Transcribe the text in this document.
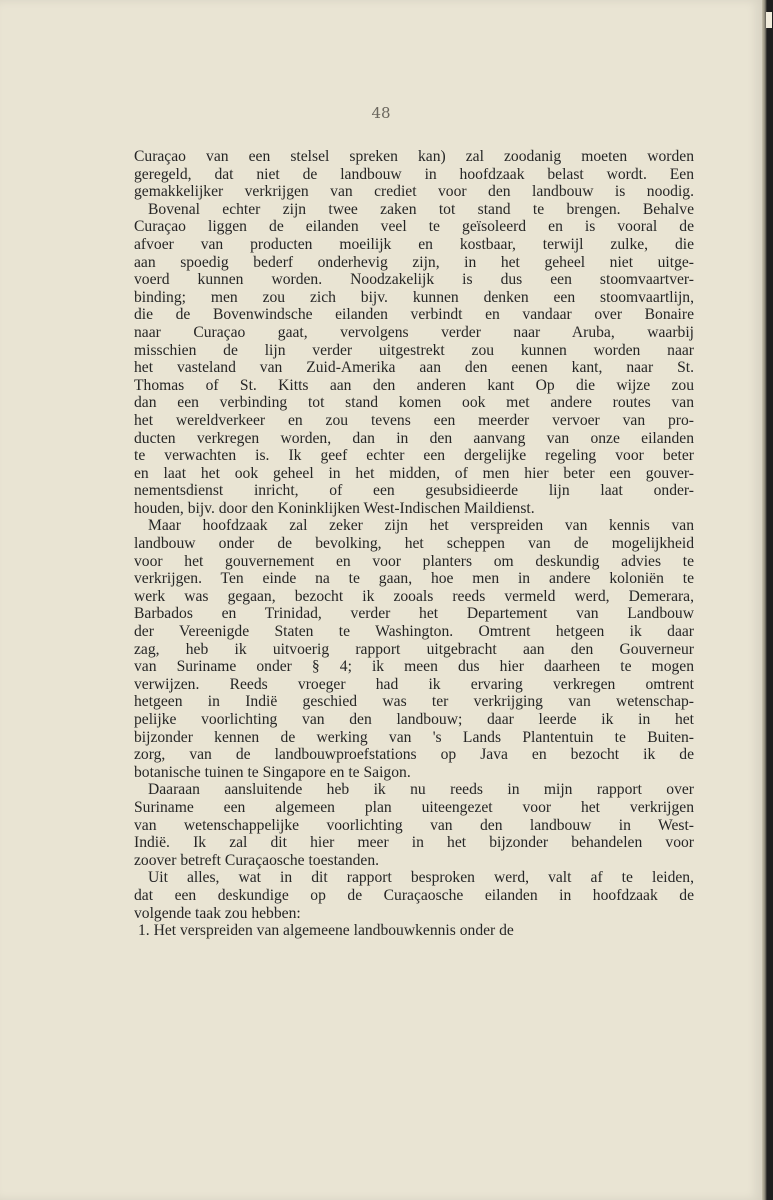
48
Curaçao van een stelsel spreken kan) zal zoodanig moeten worden
geregeld, dat niet de landbouw in hoofdzaak belast wordt. Een
gemakkelijker verkrijgen van crediet voor den landbouw is noodig.
Bovenal echter zijn twee zaken tot stand te brengen. Behalve
Curaçao liggen de eilanden veel te geïsoleerd en is vooral de
afvoer van producten moeilijk en kostbaar, terwijl zulke, die
aan spoedig bederf onderhevig zijn, in het geheel niet uitge-
voerd kunnen worden. Noodzakelijk is dus een stoomvaartver-
binding; men zou zich bijv. kunnen denken een stoomvaartlijn,
die de Bovenwindsche eilanden verbindt en vandaar over Bonaire
naar Curaçao gaat, vervolgens verder naar Aruba, waarbij
misschien de lijn verder uitgestrekt zou kunnen worden naar
het vasteland van Zuid-Amerika aan den eenen kant, naar St.
Thomas of St. Kitts aan den anderen kant Op die wijze zou
dan een verbinding tot stand komen ook met andere routes van
het wereldverkeer en zou tevens een meerder vervoer van pro-
ducten verkregen worden, dan in den aanvang van onze eilanden
te verwachten is. Ik geef echter een dergelijke regeling voor beter
en laat het ook geheel in het midden, of men hier beter een gouver-
nementsdienst inricht, of een gesubsidieerde lijn laat onder-
houden, bijv. door den Koninklijken West-Indischen Maildienst.
Maar hoofdzaak zal zeker zijn het verspreiden van kennis van
landbouw onder de bevolking, het scheppen van de mogelijkheid
voor het gouvernement en voor planters om deskundig advies te
verkrijgen. Ten einde na te gaan, hoe men in andere koloniën te
werk was gegaan, bezocht ik zooals reeds vermeld werd, Demerara,
Barbados en Trinidad, verder het Departement van Landbouw
der Vereenigde Staten te Washington. Omtrent hetgeen ik daar
zag, heb ik uitvoerig rapport uitgebracht aan den Gouverneur
van Suriname onder § 4; ik meen dus hier daarheen te mogen
verwijzen. Reeds vroeger had ik ervaring verkregen omtrent
hetgeen in Indië geschied was ter verkrijging van wetenschap-
pelijke voorlichting van den landbouw; daar leerde ik in het
bijzonder kennen de werking van 's Lands Plantentuin te Buiten-
zorg, van de landbouwproefstations op Java en bezocht ik de
botanische tuinen te Singapore en te Saigon.
Daaraan aansluitende heb ik nu reeds in mijn rapport over
Suriname een algemeen plan uiteengezet voor het verkrijgen
van wetenschappelijke voorlichting van den landbouw in West-
Indië. Ik zal dit hier meer in het bijzonder behandelen voor
zoover betreft Curaçaosche toestanden.
Uit alles, wat in dit rapport besproken werd, valt af te leiden,
dat een deskundige op de Curaçaosche eilanden in hoofdzaak de
volgende taak zou hebben:
1. Het verspreiden van algemeene landbouwkennis onder de
